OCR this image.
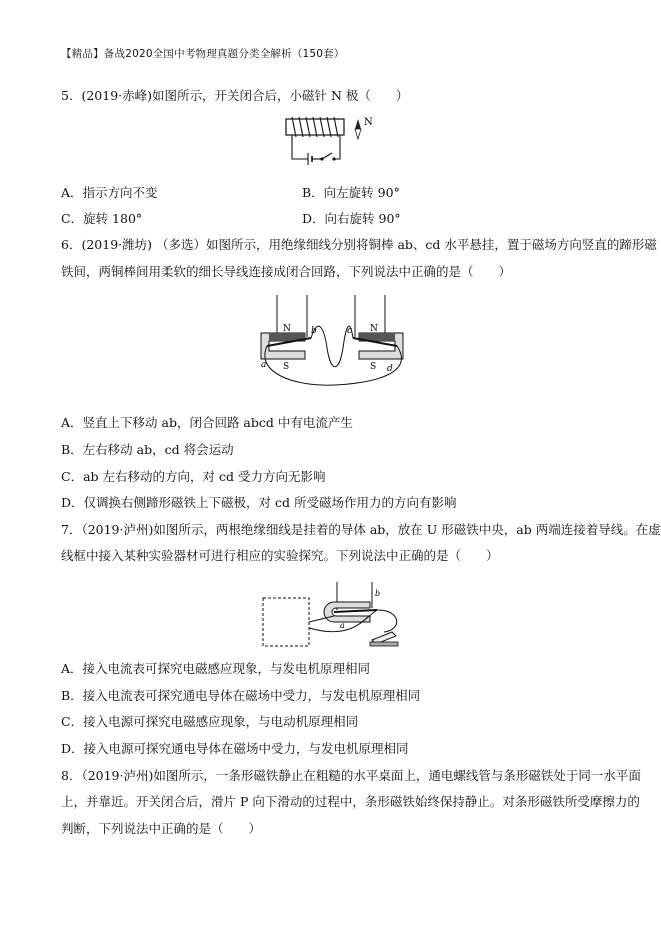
【精品】备战2020全国中考物理真题分类全解析（150套）
5．(2019·赤峰)如图所示，开关闭合后，小磁针 N 极（　　）
N
A．指示方向不变	B．向左旋转 90°
C．旋转 180°	D．向右旋转 90°
6．(2019·潍坊) （多选）如图所示，用绝缘细线分别将铜棒 ab、cd 水平悬挂，置于磁场方向竖直的蹄形磁
铁间，两铜棒间用柔软的细长导线连接成闭合回路，下列说法中正确的是（　　）
N
S
N
S
a
b	c
d
A．竖直上下移动 ab，闭合回路 abcd 中有电流产生
B．左右移动 ab，cd 将会运动
C．ab 左右移动的方向，对 cd 受力方向无影响
D．仅调换右侧蹄形磁铁上下磁极，对 cd 所受磁场作用力的方向有影响
7．（2019·泸州)如图所示，两根绝缘细线是挂着的导体 ab，放在 U 形磁铁中央，ab 两端连接着导线。在虚
线框中接入某种实验器材可进行相应的实验探究。下列说法中正确的是（　　）
b
a
A．接入电流表可探究电磁感应现象，与发电机原理相同
B．接入电流表可探究通电导体在磁场中受力，与发电机原理相同
C．接入电源可探究电磁感应现象，与电动机原理相同
D．接入电源可探究通电导体在磁场中受力，与发电机原理相同
8．（2019·泸州)如图所示，一条形磁铁静止在粗糙的水平桌面上，通电螺线管与条形磁铁处于同一水平面
上，并靠近。开关闭合后，滑片 P 向下滑动的过程中，条形磁铁始终保持静止。对条形磁铁所受摩擦力的
判断，下列说法中正确的是（　　）
